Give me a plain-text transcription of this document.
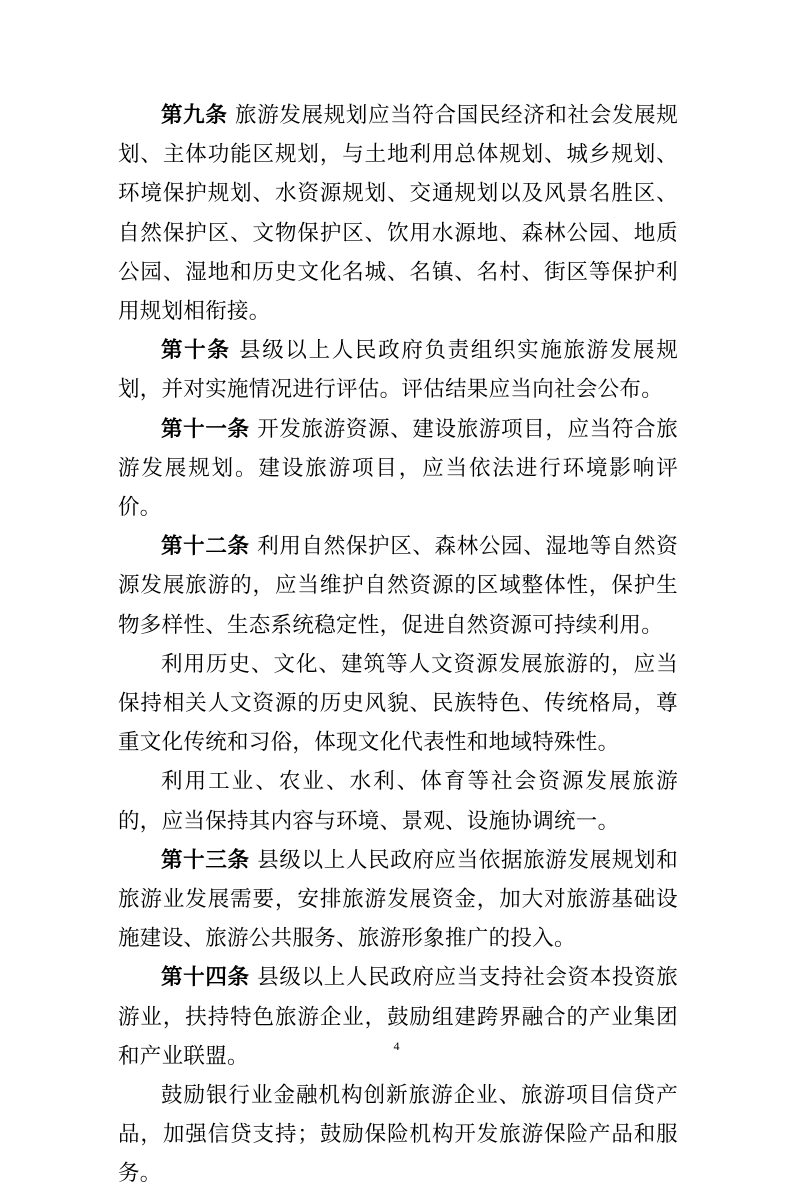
第九条 旅游发展规划应当符合国民经济和社会发展规划、主体功能区规划，与土地利用总体规划、城乡规划、环境保护规划、水资源规划、交通规划以及风景名胜区、自然保护区、文物保护区、饮用水源地、森林公园、地质公园、湿地和历史文化名城、名镇、名村、街区等保护利用规划相衔接。

第十条 县级以上人民政府负责组织实施旅游发展规划，并对实施情况进行评估。评估结果应当向社会公布。

第十一条 开发旅游资源、建设旅游项目，应当符合旅游发展规划。建设旅游项目，应当依法进行环境影响评价。

第十二条 利用自然保护区、森林公园、湿地等自然资源发展旅游的，应当维护自然资源的区域整体性，保护生物多样性、生态系统稳定性，促进自然资源可持续利用。

利用历史、文化、建筑等人文资源发展旅游的，应当保持相关人文资源的历史风貌、民族特色、传统格局，尊重文化传统和习俗，体现文化代表性和地域特殊性。

利用工业、农业、水利、体育等社会资源发展旅游的，应当保持其内容与环境、景观、设施协调统一。

第十三条 县级以上人民政府应当依据旅游发展规划和旅游业发展需要，安排旅游发展资金，加大对旅游基础设施建设、旅游公共服务、旅游形象推广的投入。

第十四条 县级以上人民政府应当支持社会资本投资旅游业，扶持特色旅游企业，鼓励组建跨界融合的产业集团和产业联盟。

鼓励银行业金融机构创新旅游企业、旅游项目信贷产品，加强信贷支持；鼓励保险机构开发旅游保险产品和服务。

4
